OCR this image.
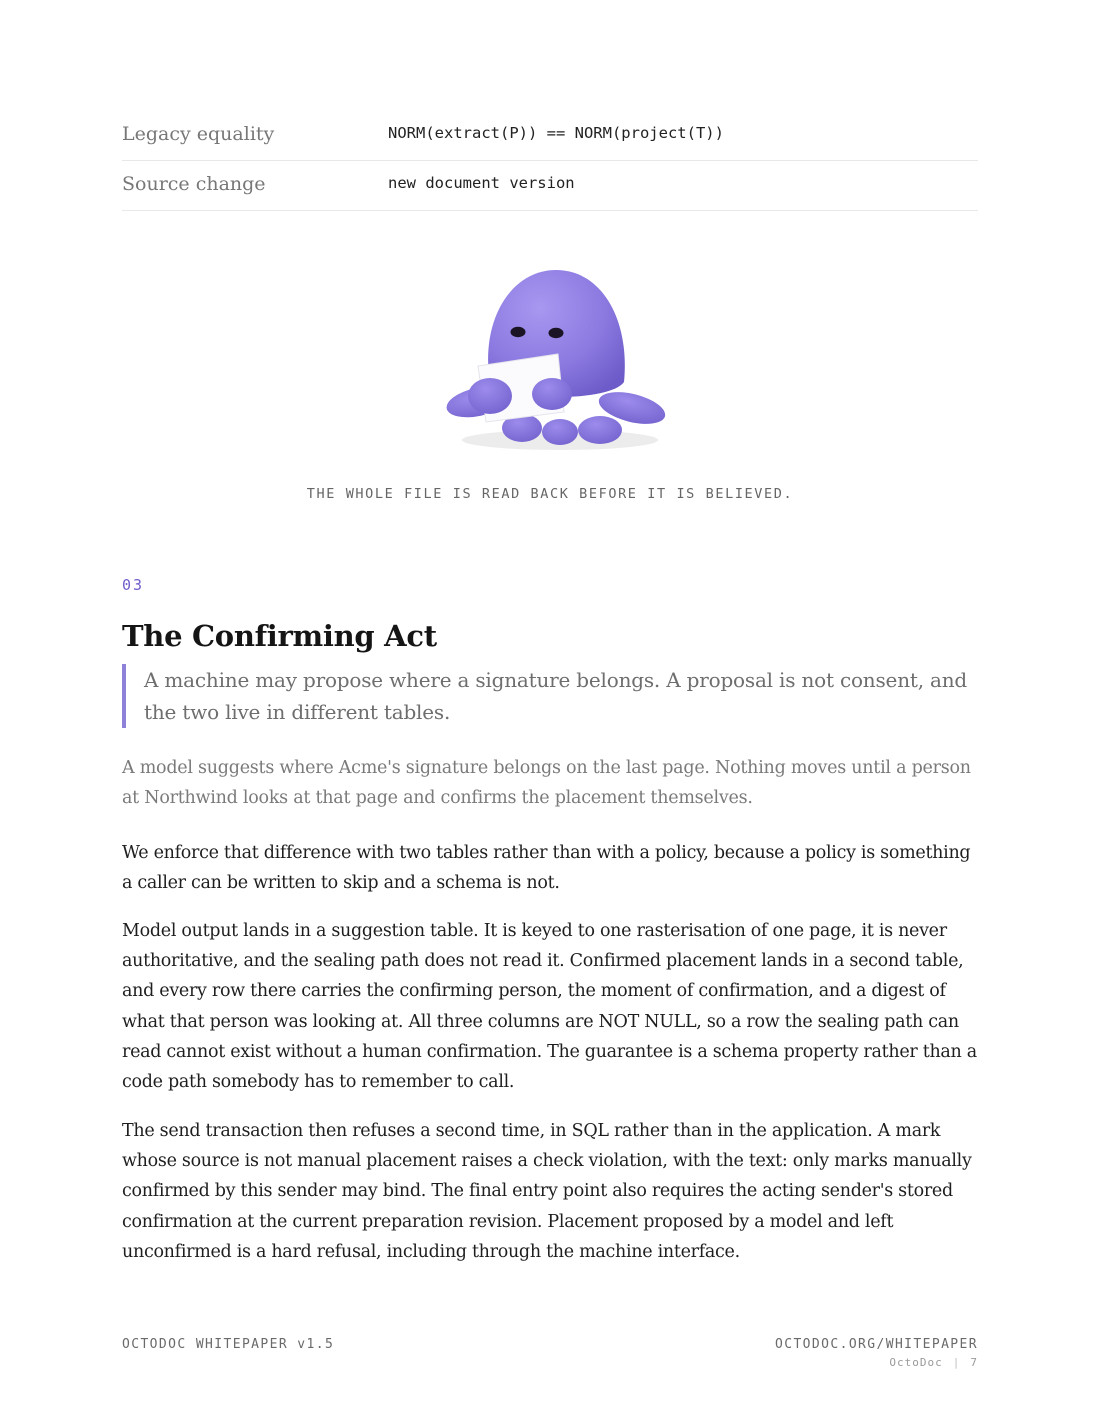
Legacy equality	NORM(extract(P)) == NORM(project(T))
Source change	new document version
THE WHOLE FILE IS READ BACK BEFORE IT IS BELIEVED.
03
The Confirming Act
A machine may propose where a signature belongs. A proposal is not consent, and the two live in different tables.

A model suggests where Acme's signature belongs on the last page. Nothing moves until a person at Northwind looks at that page and confirms the placement themselves.

We enforce that difference with two tables rather than with a policy, because a policy is something a caller can be written to skip and a schema is not.

Model output lands in a suggestion table. It is keyed to one rasterisation of one page, it is never authoritative, and the sealing path does not read it. Confirmed placement lands in a second table, and every row there carries the confirming person, the moment of confirmation, and a digest of what that person was looking at. All three columns are NOT NULL, so a row the sealing path can read cannot exist without a human confirmation. The guarantee is a schema property rather than a code path somebody has to remember to call.

The send transaction then refuses a second time, in SQL rather than in the application. A mark whose source is not manual placement raises a check violation, with the text: only marks manually confirmed by this sender may bind. The final entry point also requires the acting sender's stored confirmation at the current preparation revision. Placement proposed by a model and left unconfirmed is a hard refusal, including through the machine interface.

OCTODOC WHITEPAPER v1.5	OCTODOC.ORG/WHITEPAPER
OctoDoc | 7
